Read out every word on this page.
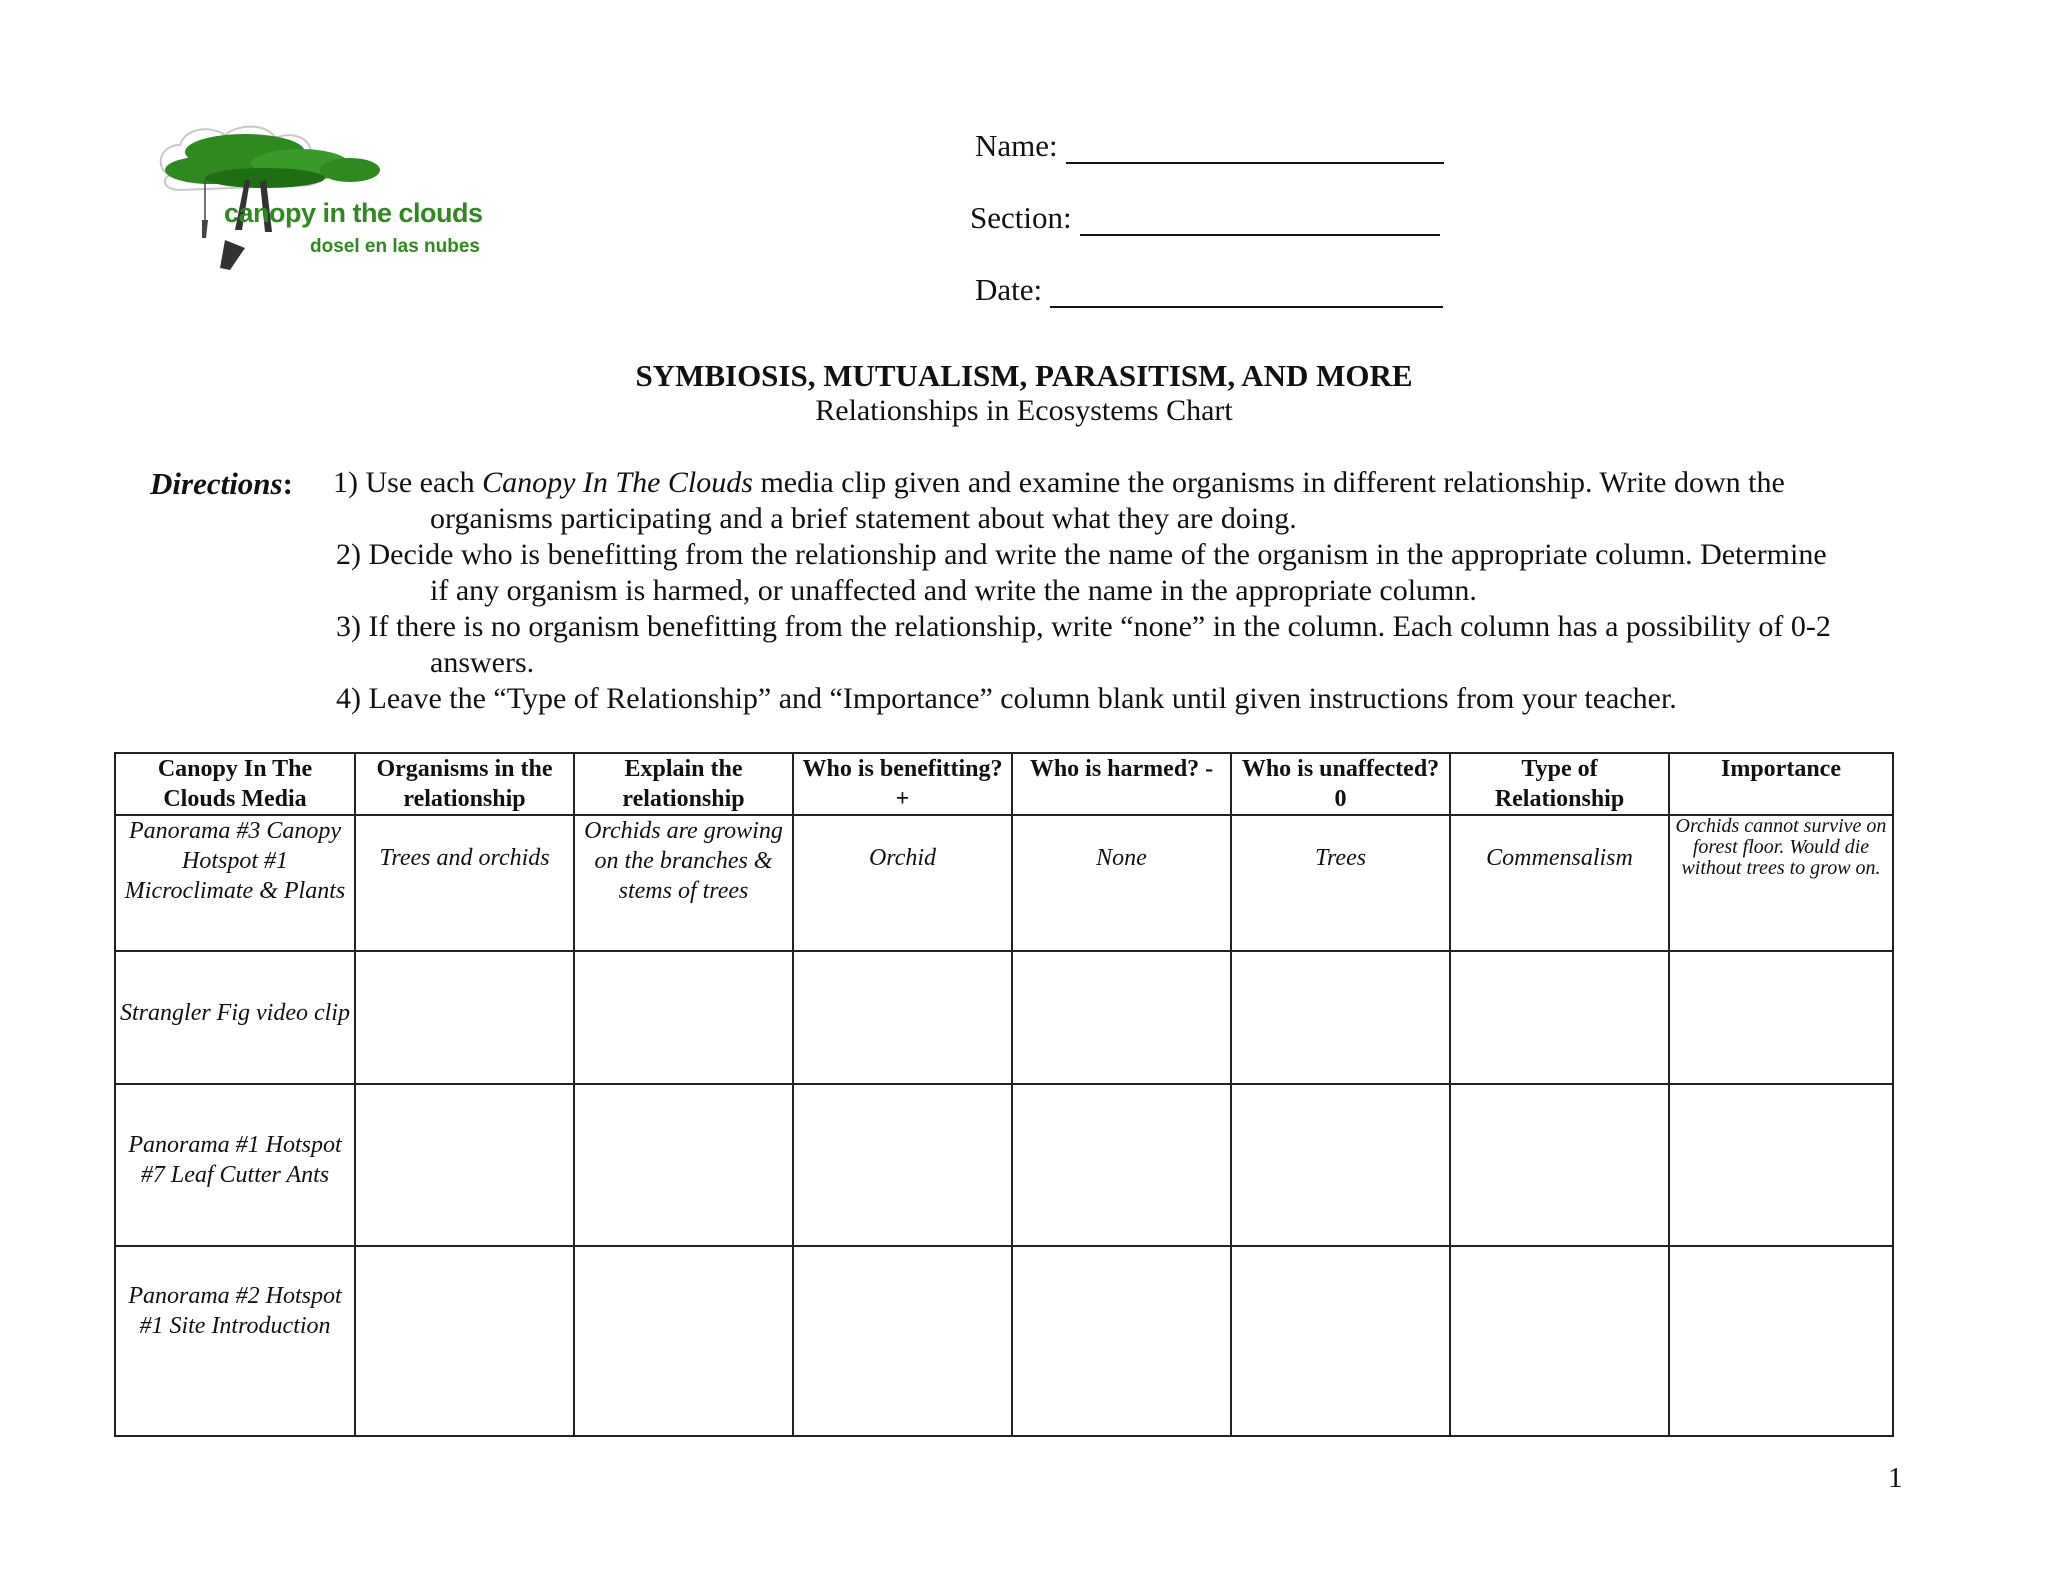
canopy in the clouds
dosel en las nubes
Name:
Section:
Date:
SYMBIOSIS, MUTUALISM, PARASITISM, AND MORE
Relationships in Ecosystems Chart
Directions: 1) Use each Canopy In The Clouds media clip given and examine the organisms in different relationship. Write down the
organisms participating and a brief statement about what they are doing.
2) Decide who is benefitting from the relationship and write the name of the organism in the appropriate column. Determine
if any organism is harmed, or unaffected and write the name in the appropriate column.
3) If there is no organism benefitting from the relationship, write “none” in the column. Each column has a possibility of 0-2
answers.
4) Leave the “Type of Relationship” and “Importance” column blank until given instructions from your teacher.
Canopy In The Clouds Media	Organisms in the relationship	Explain the relationship	Who is benefitting? +	Who is harmed? -	Who is unaffected? 0	Type of Relationship	Importance
Panorama #3 Canopy Hotspot #1 Microclimate & Plants	Trees and orchids	Orchids are growing on the branches & stems of trees	Orchid	None	Trees	Commensalism	Orchids cannot survive on forest floor. Would die without trees to grow on.
Strangler Fig video clip							
Panorama #1 Hotspot #7 Leaf Cutter Ants							
Panorama #2 Hotspot #1 Site Introduction							
1
